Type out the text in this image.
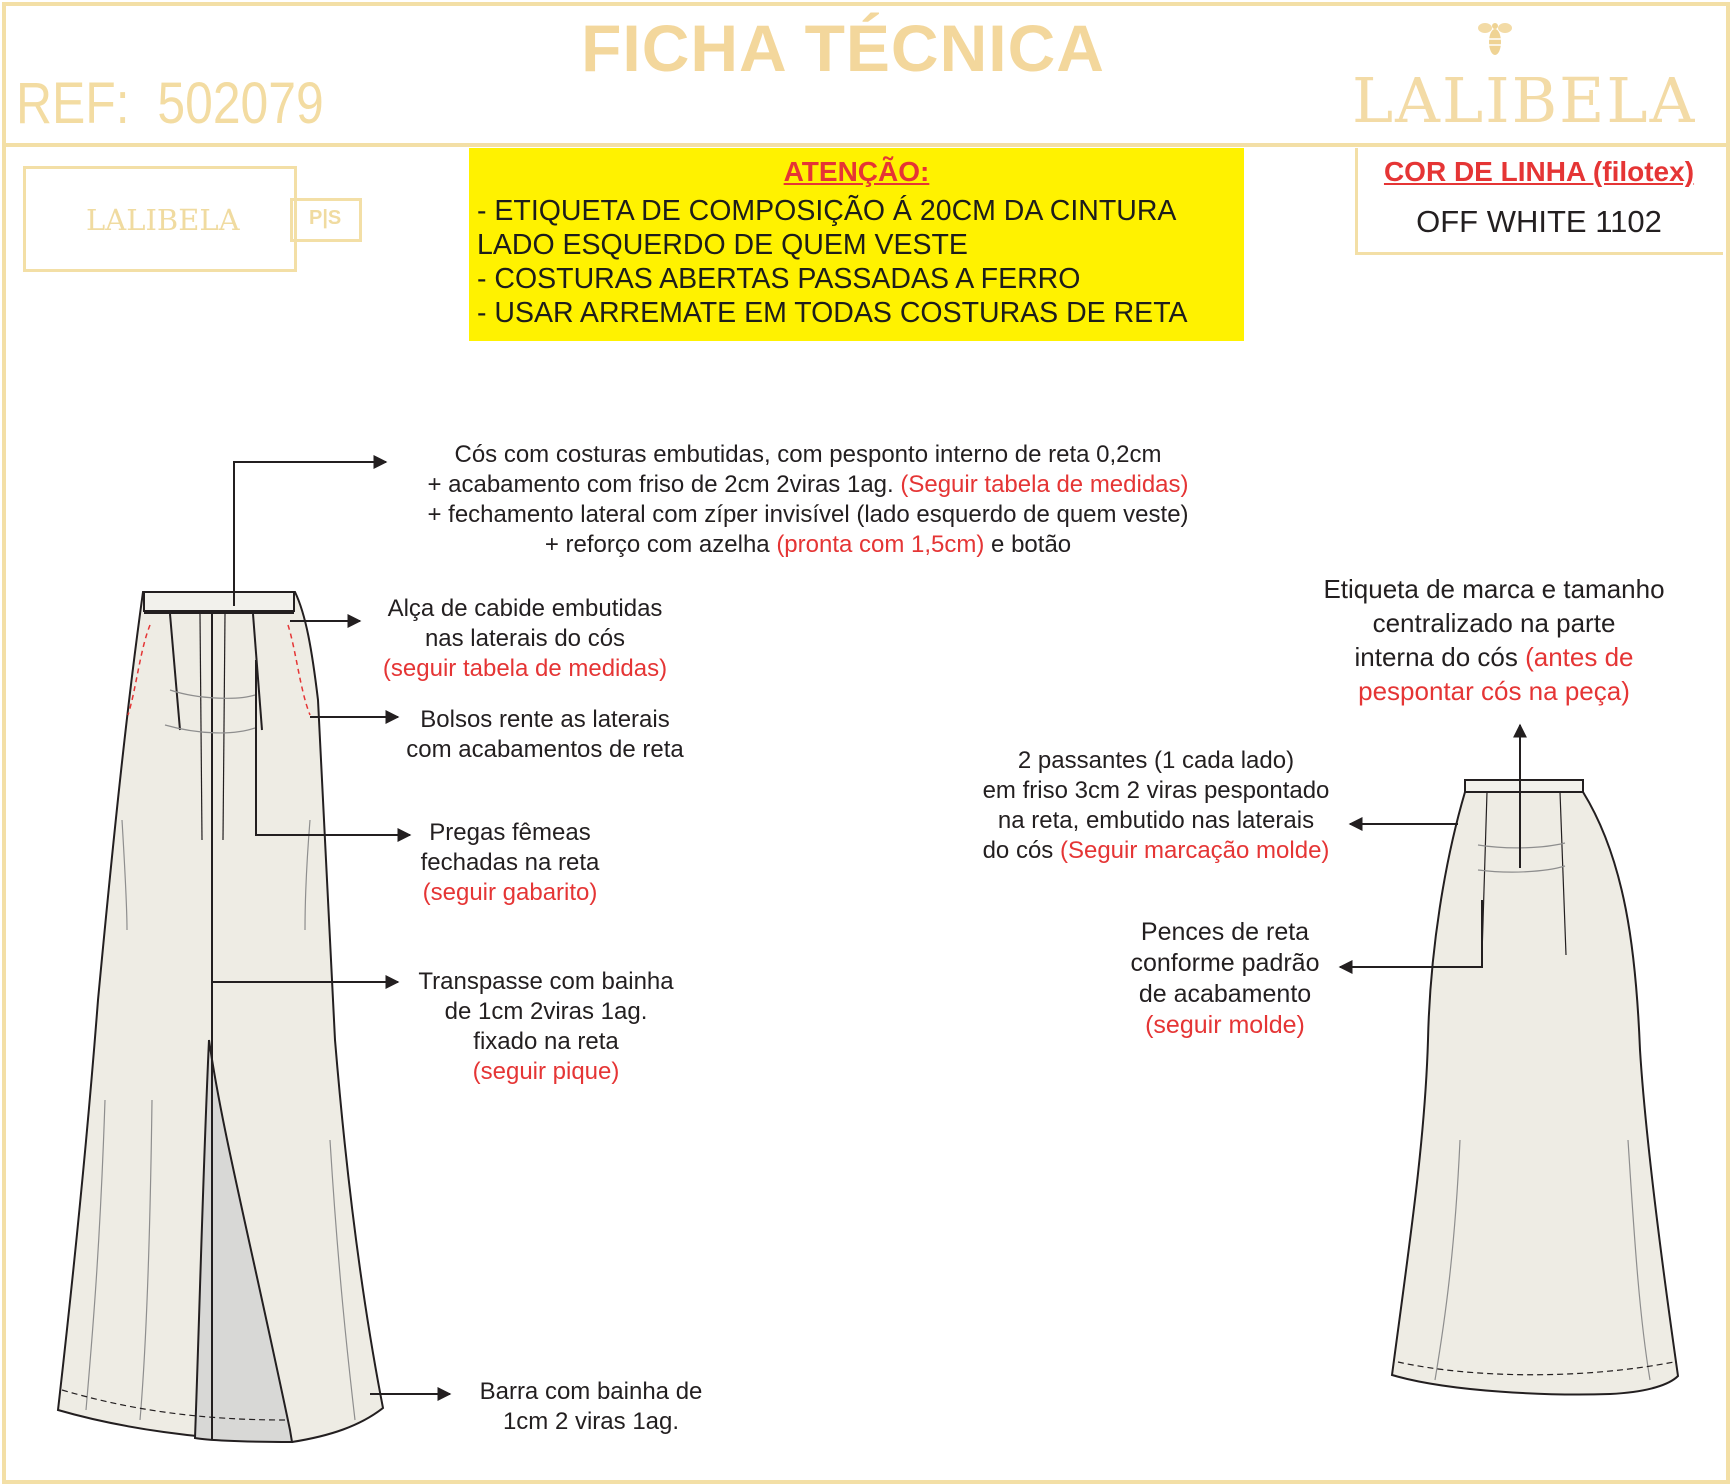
FICHA TÉCNICA
REF:  502079	LALIBELA
LALIBELA	P|S
ATENÇÃO:
- ETIQUETA DE COMPOSIÇÃO Á 20CM DA CINTURA
LADO ESQUERDO DE QUEM VESTE
- COSTURAS ABERTAS PASSADAS A FERRO
- USAR ARREMATE EM TODAS COSTURAS DE RETA
COR DE LINHA (filotex)
OFF WHITE 1102
Cós com costuras embutidas, com pesponto interno de reta 0,2cm
+ acabamento com friso de 2cm 2viras 1ag. (Seguir tabela de medidas)
+ fechamento lateral com zíper invisível (lado esquerdo de quem veste)
+ reforço com azelha (pronta com 1,5cm) e botão
Alça de cabide embutidas
nas laterais do cós
(seguir tabela de medidas)
Bolsos rente as laterais
com acabamentos de reta
Pregas fêmeas
fechadas na reta
(seguir gabarito)
Transpasse com bainha
de 1cm 2viras 1ag.
fixado na reta
(seguir pique)
Barra com bainha de
1cm 2 viras 1ag.
Etiqueta de marca e tamanho
centralizado na parte
interna do cós (antes de
pespontar cós na peça)
2 passantes (1 cada lado)
em friso 3cm 2 viras pespontado
na reta, embutido nas laterais
do cós (Seguir marcação molde)
Pences de reta
conforme padrão
de acabamento
(seguir molde)
